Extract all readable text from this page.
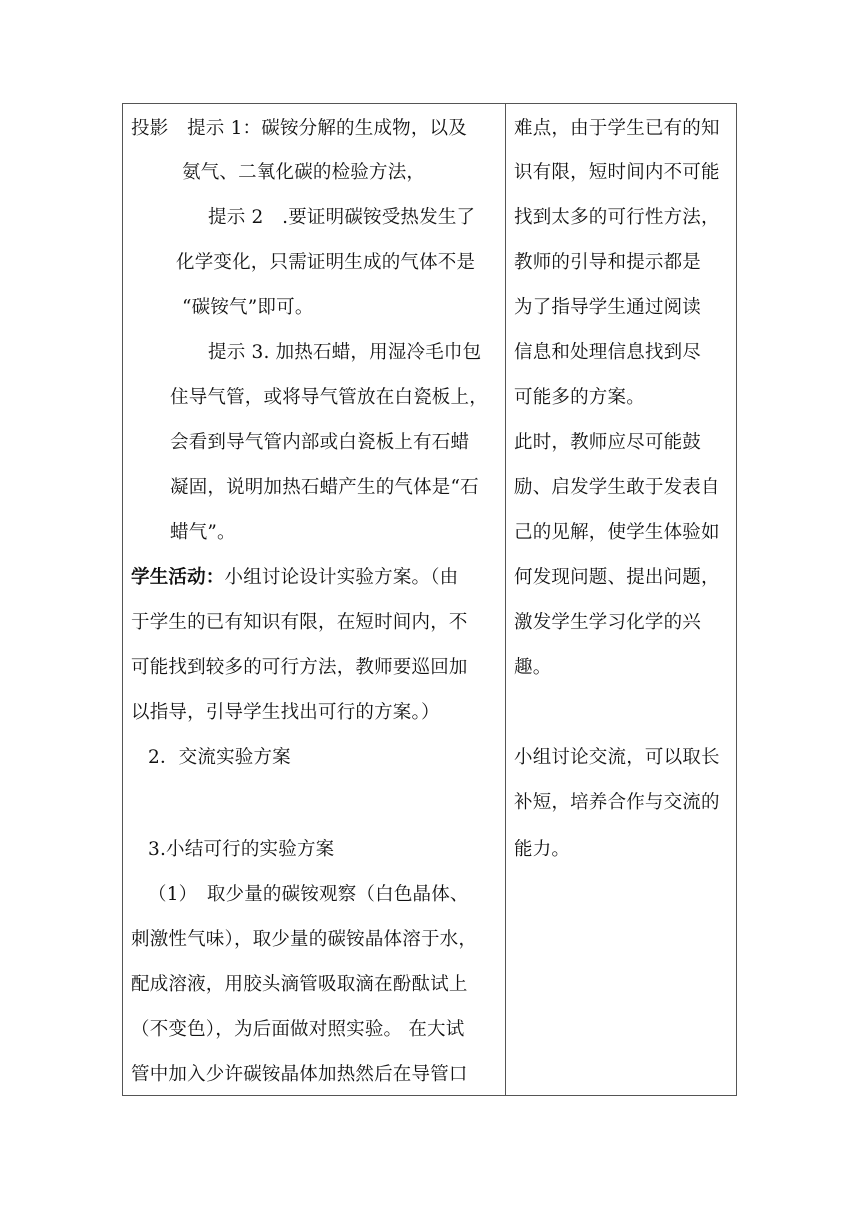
投影　提示 1：碳铵分解的生成物，以及
氨气、二氧化碳的检验方法，
提示 2　.要证明碳铵受热发生了
化学变化，只需证明生成的气体不是
“碳铵气”即可。
提示 3. 加热石蜡，用湿冷毛巾包
住导气管，或将导气管放在白瓷板上，
会看到导气管内部或白瓷板上有石蜡
凝固，说明加热石蜡产生的气体是“石
蜡气”。
学生活动：小组讨论设计实验方案。（由
于学生的已有知识有限，在短时间内，不
可能找到较多的可行方法，教师要巡回加
以指导，引导学生找出可行的方案。）
2．交流实验方案
3.小结可行的实验方案
（1）　取少量的碳铵观察（白色晶体、
刺激性气味），取少量的碳铵晶体溶于水，
配成溶液，用胶头滴管吸取滴在酚酞试上
（不变色），为后面做对照实验。 在大试
管中加入少许碳铵晶体加热然后在导管口
难点，由于学生已有的知
识有限，短时间内不可能
找到太多的可行性方法，
教师的引导和提示都是
为了指导学生通过阅读
信息和处理信息找到尽
可能多的方案。
此时，教师应尽可能鼓
励、启发学生敢于发表自
己的见解，使学生体验如
何发现问题、提出问题，
激发学生学习化学的兴
趣。
小组讨论交流，可以取长
补短，培养合作与交流的
能力。
